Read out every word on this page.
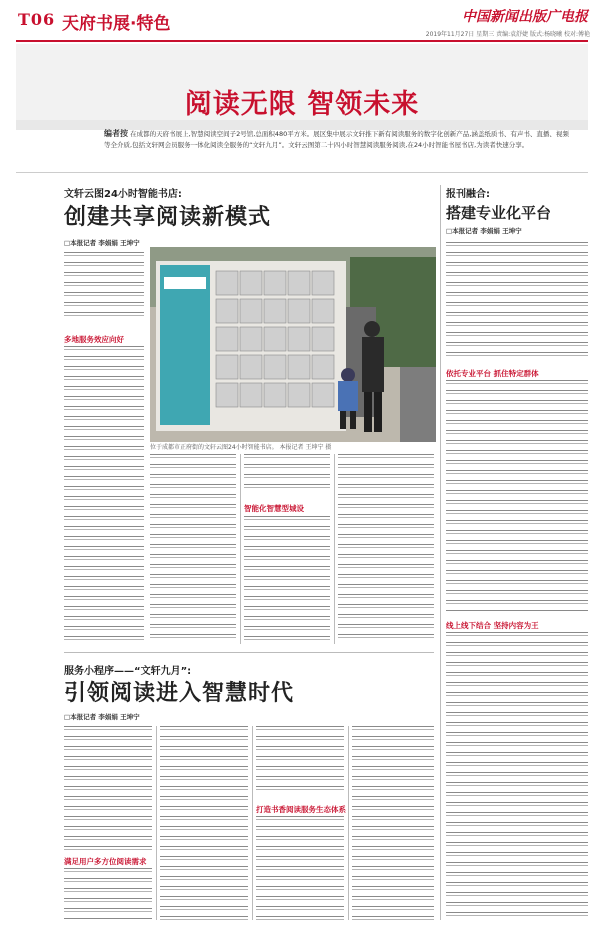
T06 天府书展·特色	中国新闻出版广电报
2019年11月27日 星期三 责编:袁舒婕 版式:杨晓曦 校对:傅艳
阅读无限 智领未来
编者按 在成都的天府书展上,智慧阅读空间子2号馆,总面积480平方米。展区集中展示文轩推下新有阅读服务的数字化创新产品,涵盖纸质书、有声书、直播、视频等全介质,包括文轩网会员服务一体化阅读全服务的“文轩九月”。文轩云图第二十四小时智慧阅读服务阅读,在24小时智能书屋书店,为读者快速分享。
文轩云图24小时智能书店:
创建共享阅读新模式
□本报记者 李娟娟 王坤宁
多地服务效应向好
位于成都市正府街的文轩云图24小时智能书店。 本报记者 王坤宁 摄
智能化智慧型城设
报刊融合:
搭建专业化平台
□本报记者 李娟娟 王坤宁
依托专业平台 抓住特定群体
线上线下结合 坚持内容为王
服务小程序——“文轩九月”:
引领阅读进入智慧时代
□本报记者 李娟娟 王坤宁
满足用户多方位阅读需求
打造书香阅读服务生态体系
